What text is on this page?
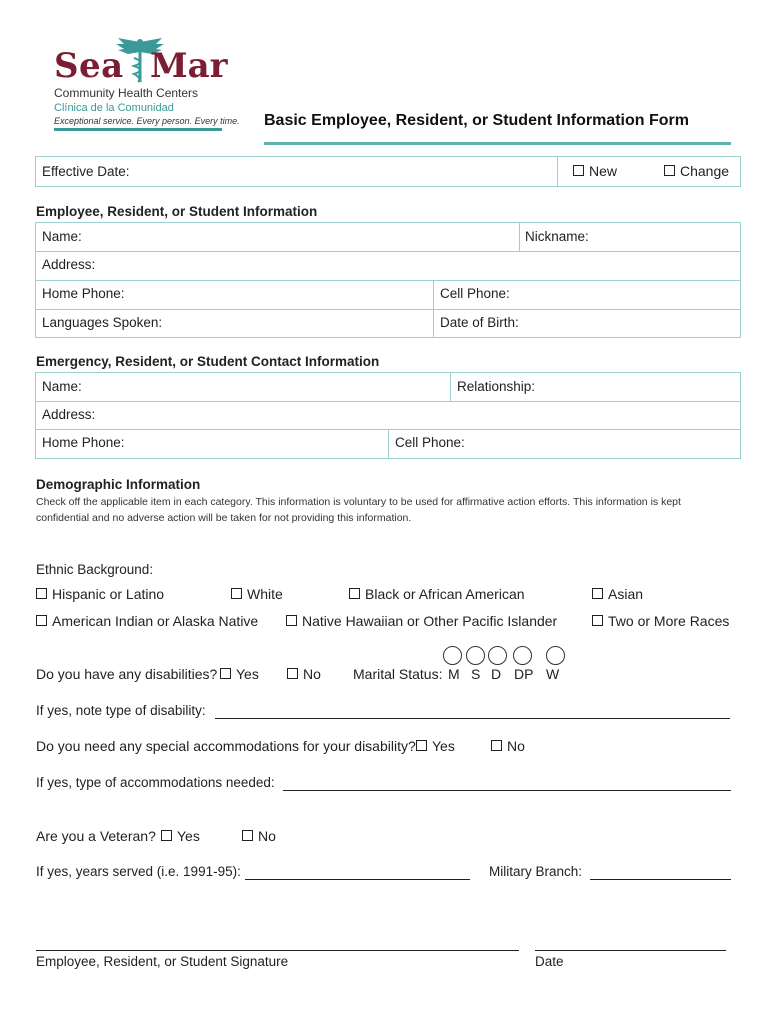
Sea Mar
Community Health Centers
Clínica de la Comunidad
Exceptional service. Every person. Every time. Basic Employee, Resident, or Student Information Form
Effective Date:	New	Change
Employee, Resident, or Student Information
Name:	Nickname:
Address:
Home Phone:	Cell Phone:
Languages Spoken:	Date of Birth:
Emergency, Resident, or Student Contact Information
Name:	Relationship:
Address:
Home Phone:	Cell Phone:
Demographic Information
Check off the applicable item in each category. This information is voluntary to be used for affirmative action efforts. This information is kept confidential and no adverse action will be taken for not providing this information.
Ethnic Background:
Hispanic or Latino	White	Black or African American	Asian
American Indian or Alaska Native	Native Hawaiian or Other Pacific Islander	Two or More Races
Do you have any disabilities?	Yes	No Marital Status: M S D DP W
If yes, note type of disability:
Do you need any special accommodations for your disability?	Yes	No
If yes, type of accommodations needed:
Are you a Veteran?	Yes	No
If yes, years served (i.e. 1991-95):	Military Branch:
Employee, Resident, or Student Signature	Date
